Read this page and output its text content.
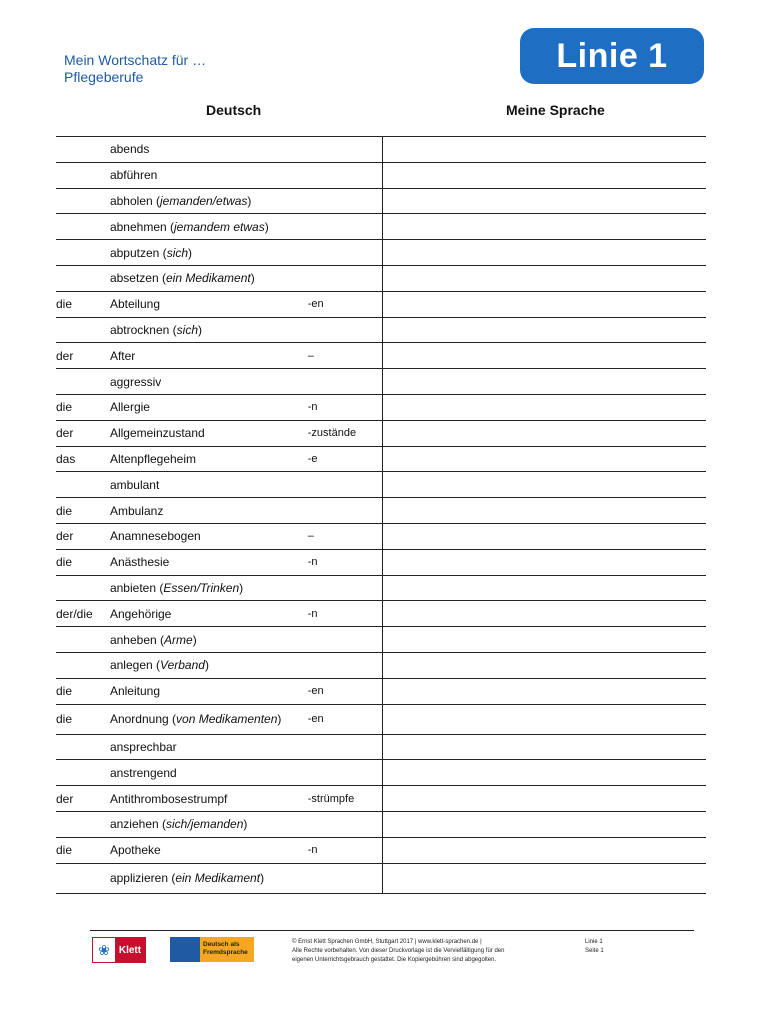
Mein Wortschatz für …
Pflegeberufe
Linie 1
Deutsch	Meine Sprache
	abends		
	abführen		
	abholen (jemanden/etwas)		
	abnehmen (jemandem etwas)		
	abputzen (sich)		
	absetzen (ein Medikament)		
die	Abteilung	-en	
	abtrocknen (sich)		
der	After	–	
	aggressiv		
die	Allergie	-n	
der	Allgemeinzustand	-zustände	
das	Altenpflegeheim	-e	
	ambulant		
die	Ambulanz		
der	Anamnesebogen	–	
die	Anästhesie	-n	
	anbieten (Essen/Trinken)		
der/die	Angehörige	-n	
	anheben (Arme)		
	anlegen (Verband)		
die	Anleitung	-en	
die	Anordnung (von Medikamenten)	-en	
	ansprechbar		
	anstrengend		
der	Antithrombosestrumpf	-strümpfe	
	anziehen (sich/jemanden)		
die	Apotheke	-n	
	applizieren (ein Medikament)		
❀ Klett	Deutsch als Fremdsprache
© Ernst Klett Sprachen GmbH, Stuttgart 2017 | www.klett-sprachen.de |
Alle Rechte vorbehalten. Von dieser Druckvorlage ist die Vervielfältigung für den
eigenen Unterrichtsgebrauch gestattet. Die Kopiergebühren sind abgegolten.
Linie 1
Seite 1
